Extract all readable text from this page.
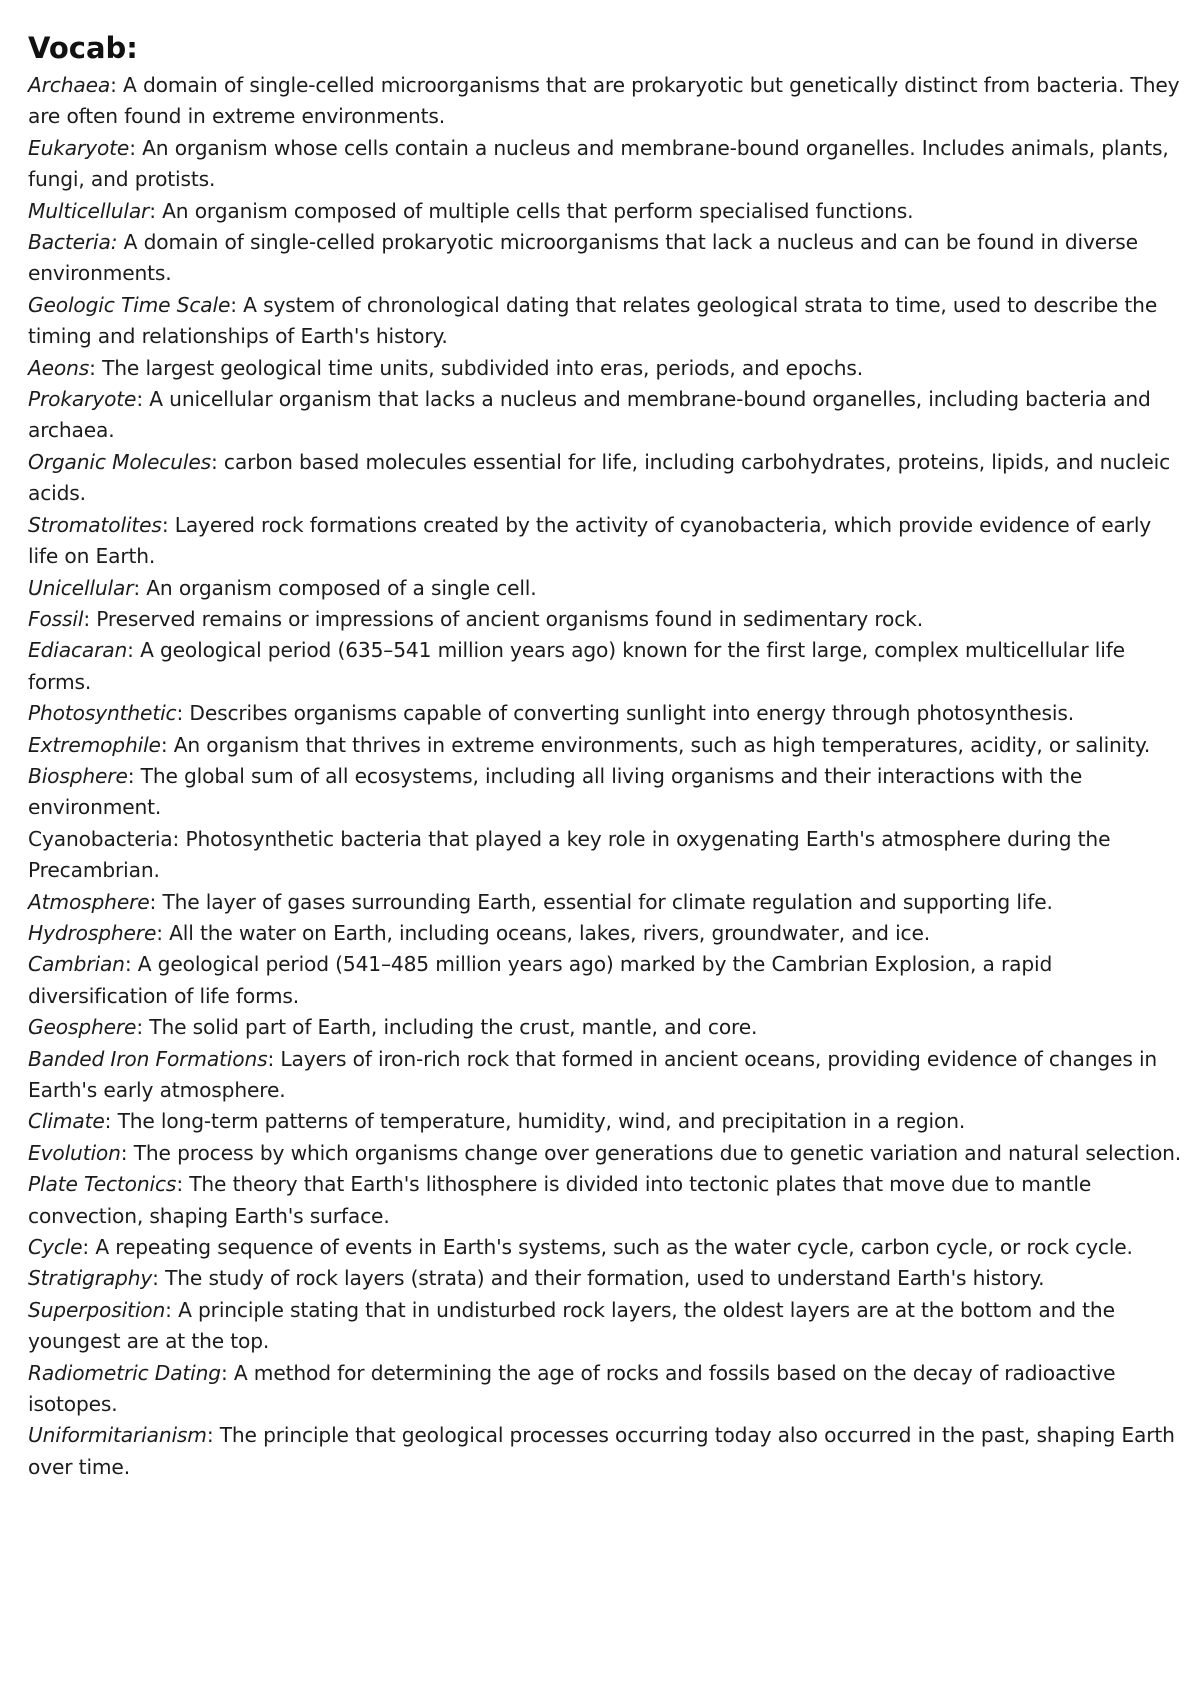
Vocab:

Archaea: A domain of single-celled microorganisms that are prokaryotic but genetically distinct from bacteria. They are often found in extreme environments.

Eukaryote: An organism whose cells contain a nucleus and membrane-bound organelles. Includes animals, plants, fungi, and protists.

Multicellular: An organism composed of multiple cells that perform specialised functions.

Bacteria: A domain of single-celled prokaryotic microorganisms that lack a nucleus and can be found in diverse environments.

Geologic Time Scale: A system of chronological dating that relates geological strata to time, used to describe the timing and relationships of Earth's history.

Aeons: The largest geological time units, subdivided into eras, periods, and epochs.

Prokaryote: A unicellular organism that lacks a nucleus and membrane-bound organelles, including bacteria and archaea.

Organic Molecules: carbon based molecules essential for life, including carbohydrates, proteins, lipids, and nucleic acids.

Stromatolites: Layered rock formations created by the activity of cyanobacteria, which provide evidence of early life on Earth.

Unicellular: An organism composed of a single cell.

Fossil: Preserved remains or impressions of ancient organisms found in sedimentary rock.

Ediacaran: A geological period (635–541 million years ago) known for the first large, complex multicellular life forms.

Photosynthetic: Describes organisms capable of converting sunlight into energy through photosynthesis.

Extremophile: An organism that thrives in extreme environments, such as high temperatures, acidity, or salinity.

Biosphere: The global sum of all ecosystems, including all living organisms and their interactions with the environment.

Cyanobacteria: Photosynthetic bacteria that played a key role in oxygenating Earth's atmosphere during the Precambrian.

Atmosphere: The layer of gases surrounding Earth, essential for climate regulation and supporting life.

Hydrosphere: All the water on Earth, including oceans, lakes, rivers, groundwater, and ice.

Cambrian: A geological period (541–485 million years ago) marked by the Cambrian Explosion, a rapid diversification of life forms.

Geosphere: The solid part of Earth, including the crust, mantle, and core.

Banded Iron Formations: Layers of iron-rich rock that formed in ancient oceans, providing evidence of changes in Earth's early atmosphere.

Climate: The long-term patterns of temperature, humidity, wind, and precipitation in a region.

Evolution: The process by which organisms change over generations due to genetic variation and natural selection.

Plate Tectonics: The theory that Earth's lithosphere is divided into tectonic plates that move due to mantle convection, shaping Earth's surface.

Cycle: A repeating sequence of events in Earth's systems, such as the water cycle, carbon cycle, or rock cycle.

Stratigraphy: The study of rock layers (strata) and their formation, used to understand Earth's history.

Superposition: A principle stating that in undisturbed rock layers, the oldest layers are at the bottom and the youngest are at the top.

Radiometric Dating: A method for determining the age of rocks and fossils based on the decay of radioactive isotopes.

Uniformitarianism: The principle that geological processes occurring today also occurred in the past, shaping Earth over time.
